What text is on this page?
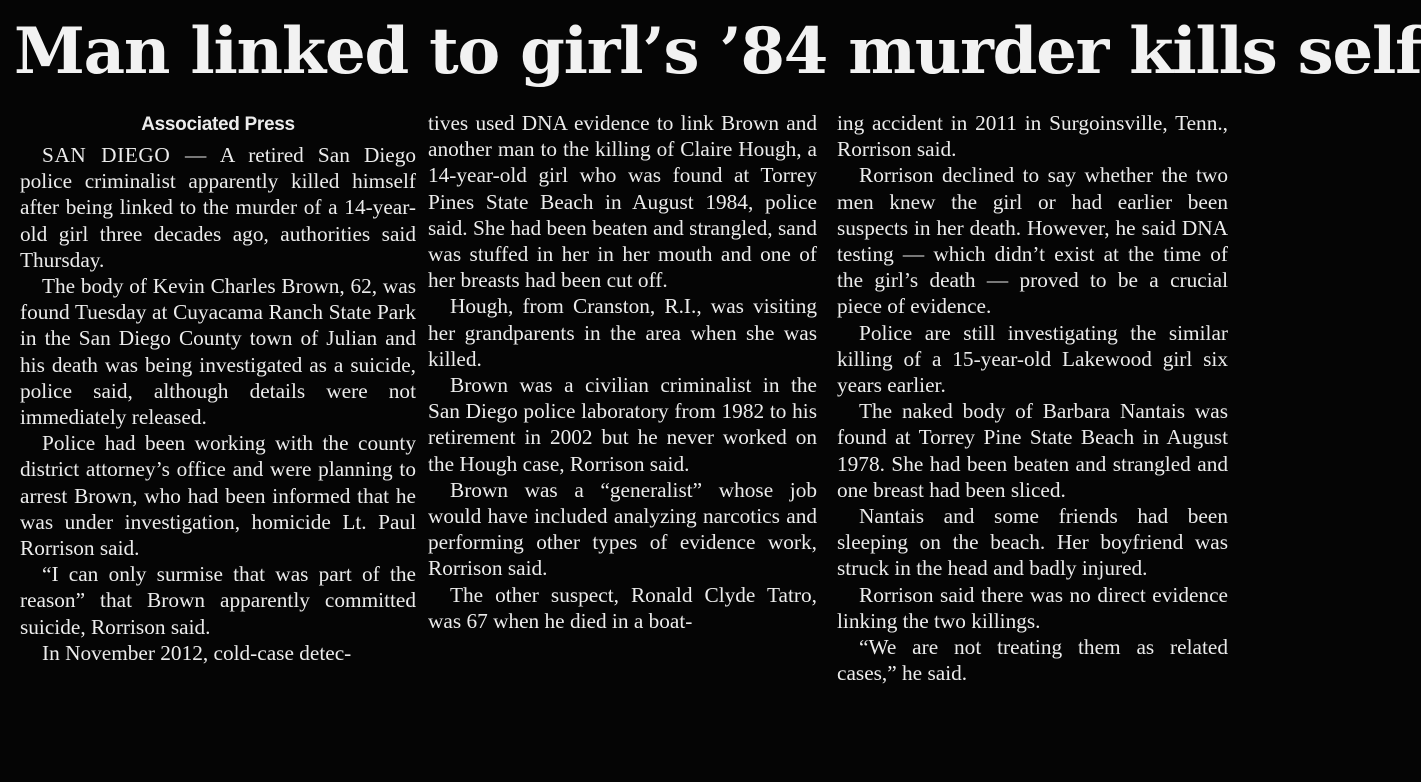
Man linked to girl’s ’84 murder kills self
Associated Press

SAN DIEGO — A retired San Diego police criminalist apparently killed himself after being linked to the murder of a 14-year-old girl three decades ago, authorities said Thursday.

The body of Kevin Charles Brown, 62, was found Tuesday at Cuyacama Ranch State Park in the San Diego County town of Julian and his death was being investigated as a suicide, police said, although details were not immediately released.

Police had been working with the county district attorney’s office and were planning to arrest Brown, who had been informed that he was under investigation, homicide Lt. Paul Rorrison said.

“I can only surmise that was part of the reason” that Brown apparently committed suicide, Rorrison said.

In November 2012, cold-case detec-

tives used DNA evidence to link Brown and another man to the killing of Claire Hough, a 14-year-old girl who was found at Torrey Pines State Beach in August 1984, police said. She had been beaten and strangled, sand was stuffed in her in her mouth and one of her breasts had been cut off.

Hough, from Cranston, R.I., was visiting her grandparents in the area when she was killed.

Brown was a civilian criminalist in the San Diego police laboratory from 1982 to his retirement in 2002 but he never worked on the Hough case, Rorrison said.

Brown was a “generalist” whose job would have included analyzing narcotics and performing other types of evidence work, Rorrison said.

The other suspect, Ronald Clyde Tatro, was 67 when he died in a boat-

ing accident in 2011 in Surgoinsville, Tenn., Rorrison said.

Rorrison declined to say whether the two men knew the girl or had earlier been suspects in her death. However, he said DNA testing — which didn’t exist at the time of the girl’s death — proved to be a crucial piece of evidence.

Police are still investigating the similar killing of a 15-year-old Lakewood girl six years earlier.

The naked body of Barbara Nantais was found at Torrey Pine State Beach in August 1978. She had been beaten and strangled and one breast had been sliced.

Nantais and some friends had been sleeping on the beach. Her boyfriend was struck in the head and badly injured.

Rorrison said there was no direct evidence linking the two killings.

“We are not treating them as related cases,” he said.
